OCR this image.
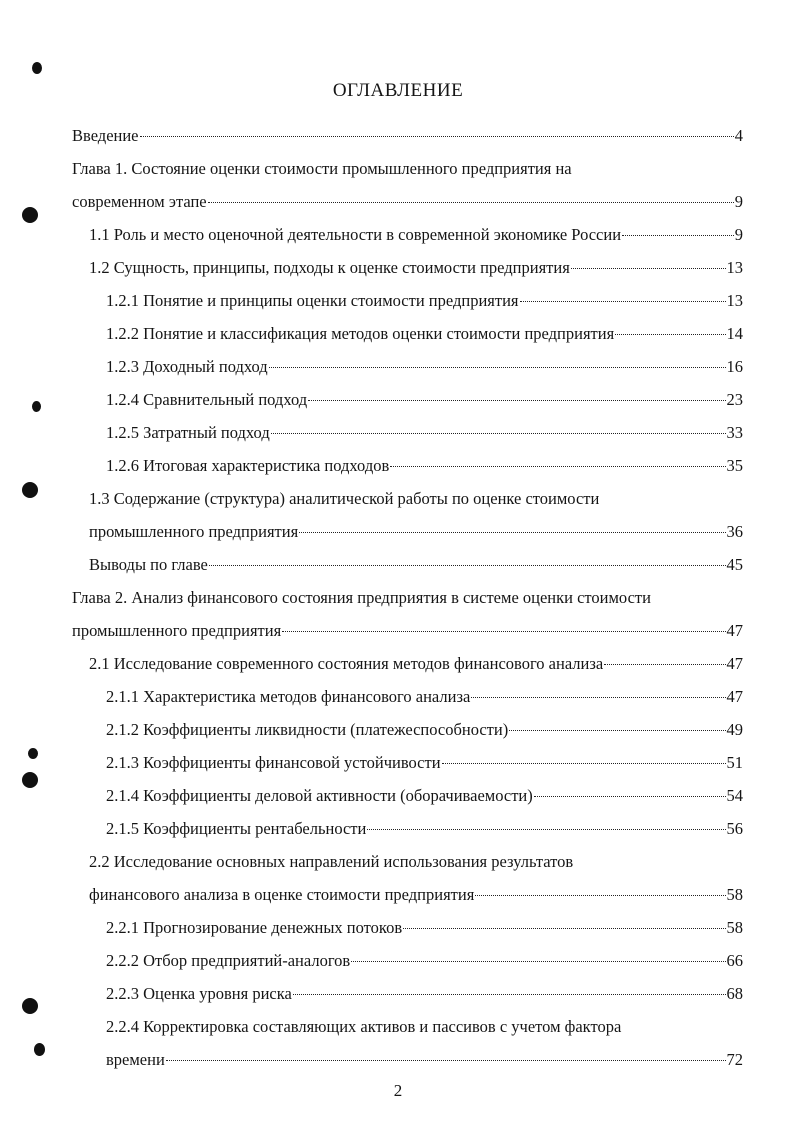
ОГЛАВЛЕНИЕ
Введение	4
Глава 1. Состояние оценки стоимости промышленного предприятия на
современном этапе	9
1.1 Роль и место оценочной деятельности в современной экономике России	9
1.2 Сущность, принципы, подходы к оценке стоимости предприятия	13
1.2.1 Понятие и принципы оценки стоимости предприятия	13
1.2.2 Понятие и классификация методов оценки стоимости предприятия	14
1.2.3 Доходный подход	16
1.2.4 Сравнительный подход	23
1.2.5 Затратный подход	33
1.2.6 Итоговая характеристика подходов	35
1.3 Содержание (структура) аналитической работы по оценке стоимости
промышленного предприятия	36
Выводы по главе	45
Глава 2. Анализ финансового состояния предприятия в системе оценки стоимости
промышленного предприятия	47
2.1 Исследование современного состояния методов финансового анализа	47
2.1.1 Характеристика методов финансового анализа	47
2.1.2 Коэффициенты ликвидности (платежеспособности)	49
2.1.3 Коэффициенты финансовой устойчивости	51
2.1.4 Коэффициенты деловой активности (оборачиваемости)	54
2.1.5 Коэффициенты рентабельности	56
2.2 Исследование основных направлений использования результатов
финансового анализа в оценке стоимости предприятия	58
2.2.1 Прогнозирование денежных потоков	58
2.2.2 Отбор предприятий-аналогов	66
2.2.3 Оценка уровня риска	68
2.2.4 Корректировка составляющих активов и пассивов с учетом фактора
времени	72
2
